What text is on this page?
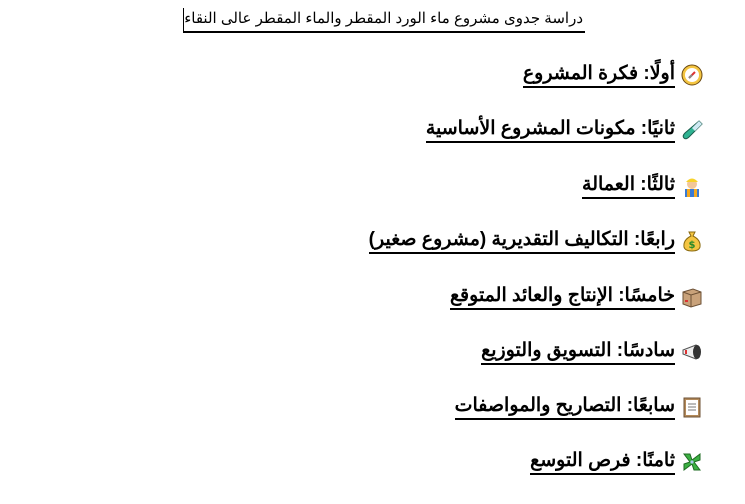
دراسة جدوى مشروع ماء الورد المقطر والماء المقطر عالى النقاء
أولًا: فكرة المشروع
ثانيًا: مكونات المشروع الأساسية
ثالثًا: العمالة
$
رابعًا: التكاليف التقديرية (مشروع صغير)
خامسًا: الإنتاج والعائد المتوقع
سادسًا: التسويق والتوزيع
سابعًا: التصاريح والمواصفات
ثامنًا: فرص التوسع
